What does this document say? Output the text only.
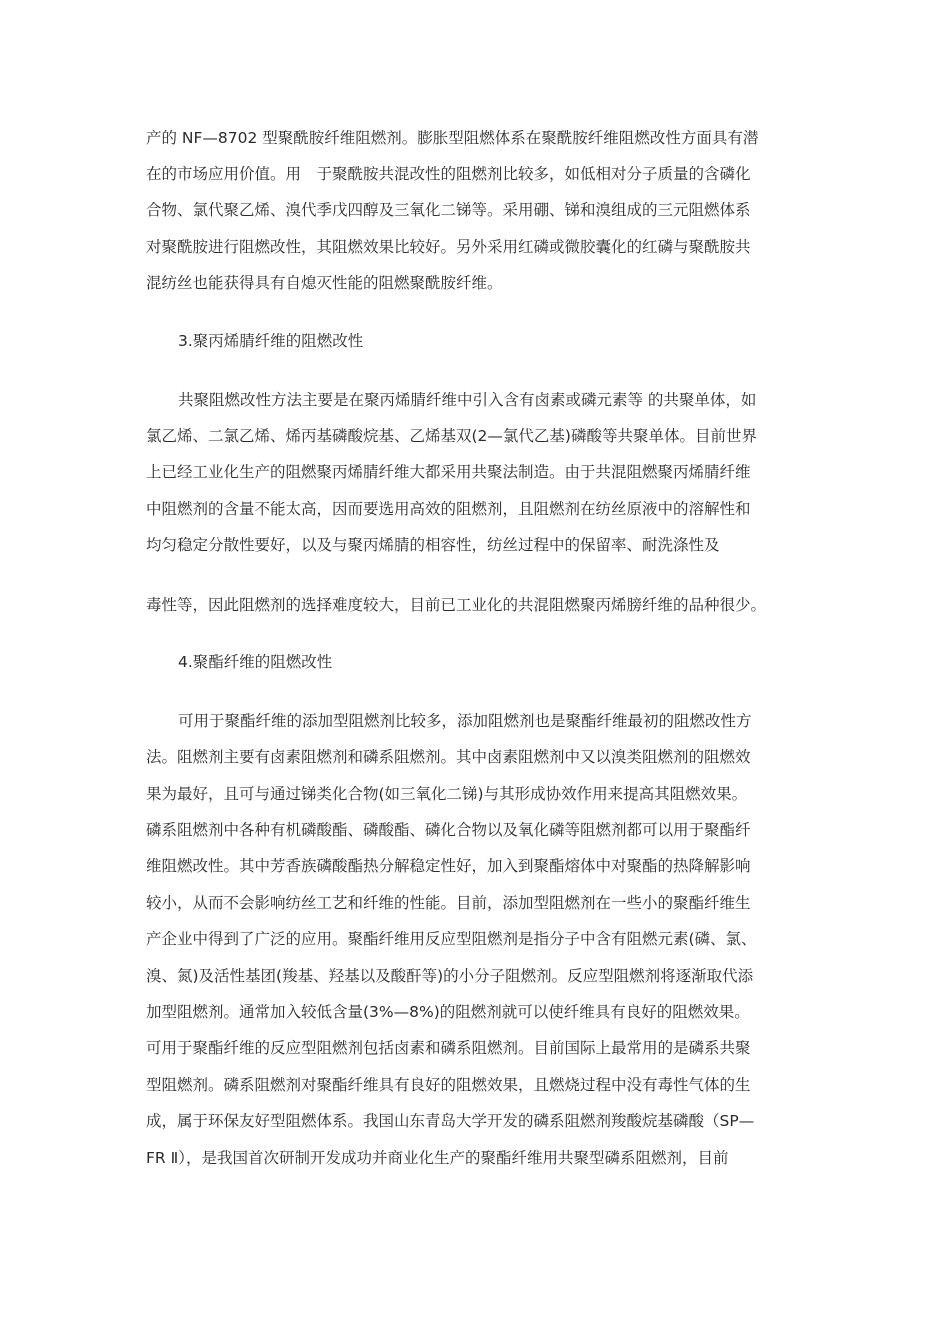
产的 NF—8702 型聚酰胺纤维阻燃剂。膨胀型阻燃体系在聚酰胺纤维阻燃改性方面具有潜
在的市场应用价值。用　于聚酰胺共混改性的阻燃剂比较多，如低相对分子质量的含磷化
合物、氯代聚乙烯、溴代季戊四醇及三氧化二锑等。采用硼、锑和溴组成的三元阻燃体系
对聚酰胺进行阻燃改性，其阻燃效果比较好。另外采用红磷或微胶囊化的红磷与聚酰胺共
混纺丝也能获得具有自熄灭性能的阻燃聚酰胺纤维。
3.聚丙烯腈纤维的阻燃改性
共聚阻燃改性方法主要是在聚丙烯腈纤维中引入含有卤素或磷元素等 的共聚单体，如
氯乙烯、二氯乙烯、烯丙基磷酸烷基、乙烯基双(2—氯代乙基)磷酸等共聚单体。目前世界
上已经工业化生产的阻燃聚丙烯腈纤维大都采用共聚法制造。由于共混阻燃聚丙烯腈纤维
中阻燃剂的含量不能太高，因而要选用高效的阻燃剂，且阻燃剂在纺丝原液中的溶解性和
均匀稳定分散性要好，以及与聚丙烯腈的相容性，纺丝过程中的保留率、耐洗涤性及
毒性等，因此阻燃剂的选择难度较大，目前已工业化的共混阻燃聚丙烯膀纤维的品种很少。
4.聚酯纤维的阻燃改性
可用于聚酯纤维的添加型阻燃剂比较多，添加阻燃剂也是聚酯纤维最初的阻燃改性方
法。阻燃剂主要有卤素阻燃剂和磷系阻燃剂。其中卤素阻燃剂中又以溴类阻燃剂的阻燃效
果为最好，且可与通过锑类化合物(如三氧化二锑)与其形成协效作用来提高其阻燃效果。
磷系阻燃剂中各种有机磷酸酯、磷酸酯、磷化合物以及氧化磷等阻燃剂都可以用于聚酯纤
维阻燃改性。其中芳香族磷酸酯热分解稳定性好，加入到聚酯熔体中对聚酯的热降解影响
较小，从而不会影响纺丝工艺和纤维的性能。目前，添加型阻燃剂在一些小的聚酯纤维生
产企业中得到了广泛的应用。聚酯纤维用反应型阻燃剂是指分子中含有阻燃元素(磷、氯、
溴、氮)及活性基团(羧基、羟基以及酸酐等)的小分子阻燃剂。反应型阻燃剂将逐渐取代添
加型阻燃剂。通常加入较低含量(3%—8%)的阻燃剂就可以使纤维具有良好的阻燃效果。
可用于聚酯纤维的反应型阻燃剂包括卤素和磷系阻燃剂。目前国际上最常用的是磷系共聚
型阻燃剂。磷系阻燃剂对聚酯纤维具有良好的阻燃效果，且燃烧过程中没有毒性气体的生
成，属于环保友好型阻燃体系。我国山东青岛大学开发的磷系阻燃剂羧酸烷基磷酸（SP—
FR Ⅱ），是我国首次研制开发成功并商业化生产的聚酯纤维用共聚型磷系阻燃剂，目前
